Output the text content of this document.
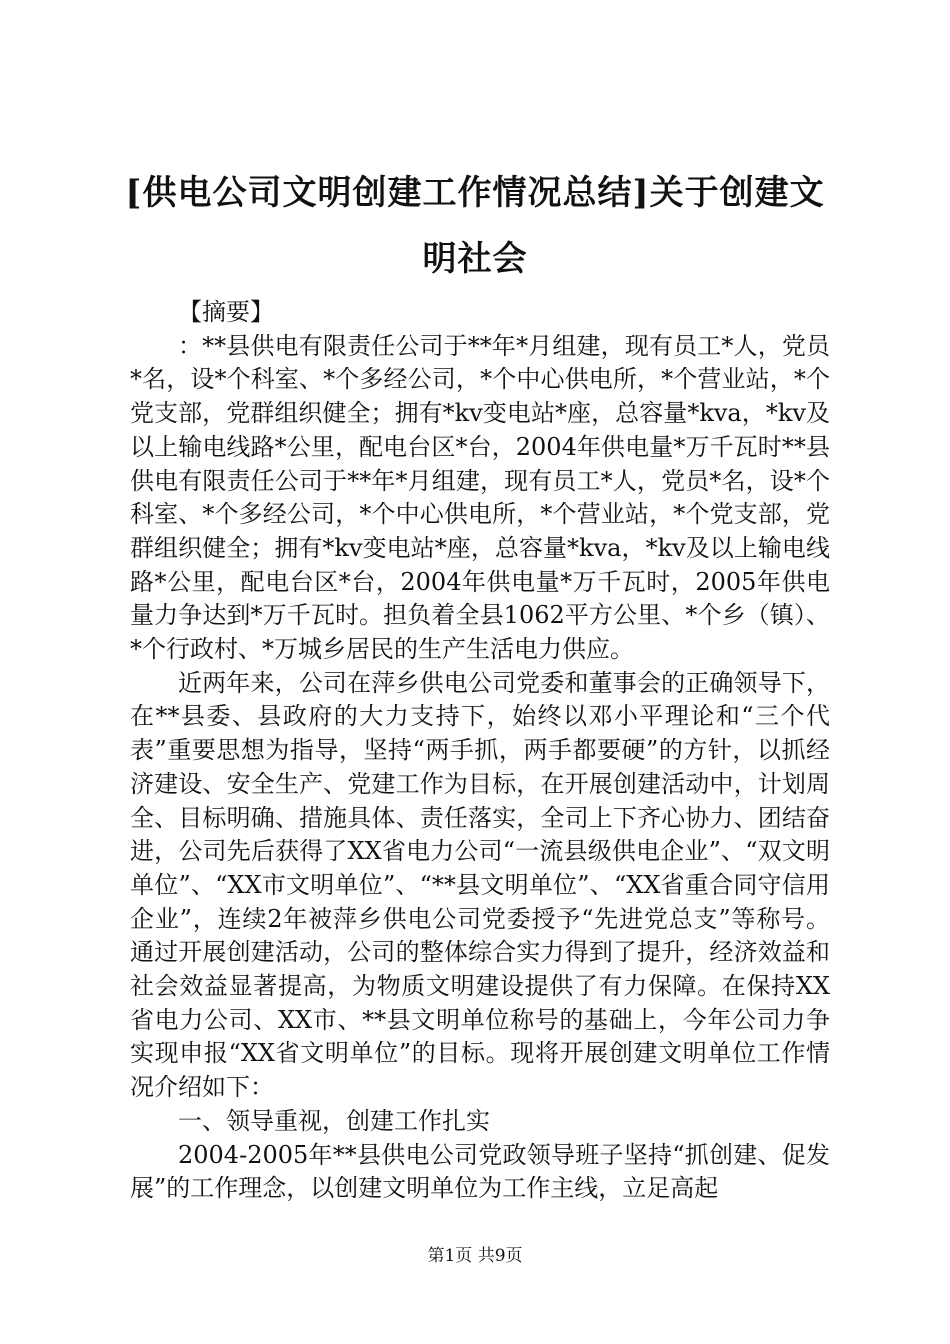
[供电公司文明创建工作情况总结]关于创建文明社会

【摘要】

：**县供电有限责任公司于**年*月组建，现有员工*人，党员*名，设*个科室、*个多经公司，*个中心供电所，*个营业站，*个党支部，党群组织健全；拥有*kv变电站*座，总容量*kva，*kv及以上输电线路*公里，配电台区*台，2004年供电量*万千瓦时**县供电有限责任公司于**年*月组建，现有员工*人，党员*名，设*个科室、*个多经公司，*个中心供电所，*个营业站，*个党支部，党群组织健全；拥有*kv变电站*座，总容量*kva，*kv及以上输电线路*公里，配电台区*台，2004年供电量*万千瓦时，2005年供电量力争达到*万千瓦时。担负着全县1062平方公里、*个乡（镇）、*个行政村、*万城乡居民的生产生活电力供应。

近两年来，公司在萍乡供电公司党委和董事会的正确领导下，在**县委、县政府的大力支持下，始终以邓小平理论和“三个代表”重要思想为指导，坚持“两手抓，两手都要硬”的方针，以抓经济建设、安全生产、党建工作为目标，在开展创建活动中，计划周全、目标明确、措施具体、责任落实，全司上下齐心协力、团结奋进，公司先后获得了XX省电力公司“一流县级供电企业”、“双文明单位”、“XX市文明单位”、“**县文明单位”、“XX省重合同守信用企业”，连续2年被萍乡供电公司党委授予“先进党总支”等称号。通过开展创建活动，公司的整体综合实力得到了提升，经济效益和社会效益显著提高，为物质文明建设提供了有力保障。在保持XX省电力公司、XX市、**县文明单位称号的基础上，今年公司力争实现申报“XX省文明单位”的目标。现将开展创建文明单位工作情况介绍如下：

一、领导重视，创建工作扎实

2004-2005年**县供电公司党政领导班子坚持“抓创建、促发展”的工作理念，以创建文明单位为工作主线，立足高起

第1页 共9页
